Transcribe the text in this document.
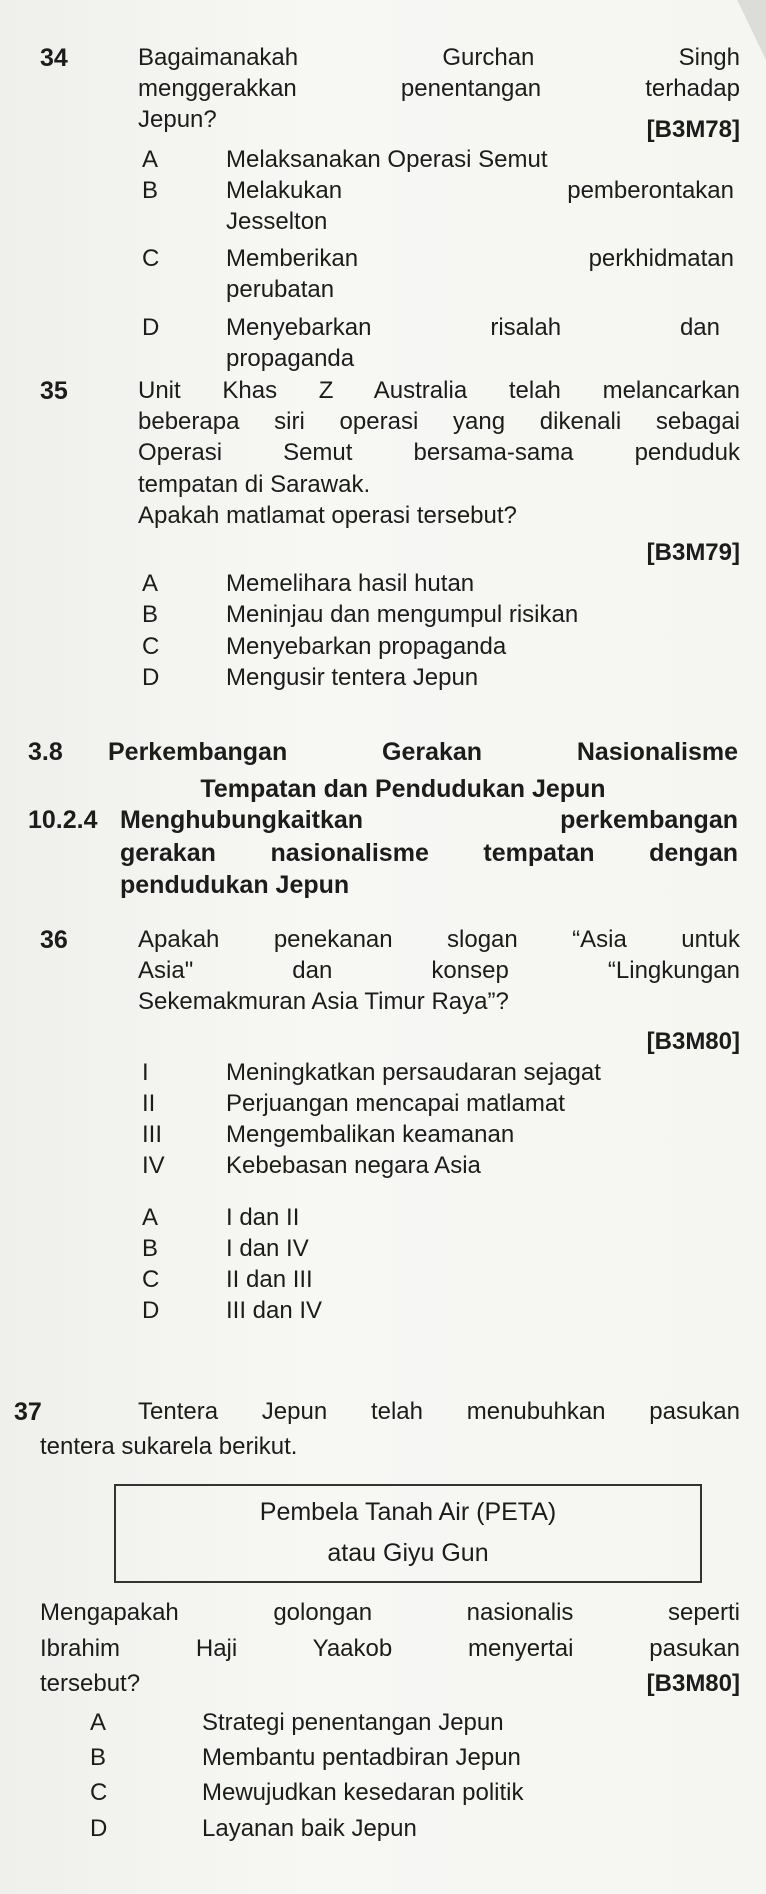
34	Bagaimanakah Gurchan Singh
menggerakkan penentangan terhadap
Jepun?	[B3M78]
A	Melaksanakan Operasi Semut
B	Melakukan pemberontakan
Jesselton
C	Memberikan perkhidmatan
perubatan
D	Menyebarkan risalah dan
propaganda
35	Unit Khas Z Australia telah melancarkan
beberapa siri operasi yang dikenali sebagai
Operasi Semut bersama-sama penduduk
tempatan di Sarawak.
Apakah matlamat operasi tersebut?
[B3M79]
A	Memelihara hasil hutan
B	Meninjau dan mengumpul risikan
C	Menyebarkan propaganda
D	Mengusir tentera Jepun
3.8	Perkembangan Gerakan Nasionalisme
Tempatan dan Pendudukan Jepun
10.2.4 Menghubungkaitkan perkembangan
gerakan nasionalisme tempatan dengan
pendudukan Jepun
36	Apakah penekanan slogan “Asia untuk
Asia" dan konsep “Lingkungan
Sekemakmuran Asia Timur Raya”?
[B3M80]
I	Meningkatkan persaudaran sejagat
II	Perjuangan mencapai matlamat
III	Mengembalikan keamanan
IV	Kebebasan negara Asia
A	I dan II
B	I dan IV
C	II dan III
D	III dan IV
37	Tentera Jepun telah menubuhkan pasukan
tentera sukarela berikut.
Pembela Tanah Air (PETA)
atau Giyu Gun
Mengapakah golongan nasionalis seperti
Ibrahim Haji Yaakob menyertai pasukan
tersebut?	[B3M80]
A	Strategi penentangan Jepun
B	Membantu pentadbiran Jepun
C	Mewujudkan kesedaran politik
D	Layanan baik Jepun
